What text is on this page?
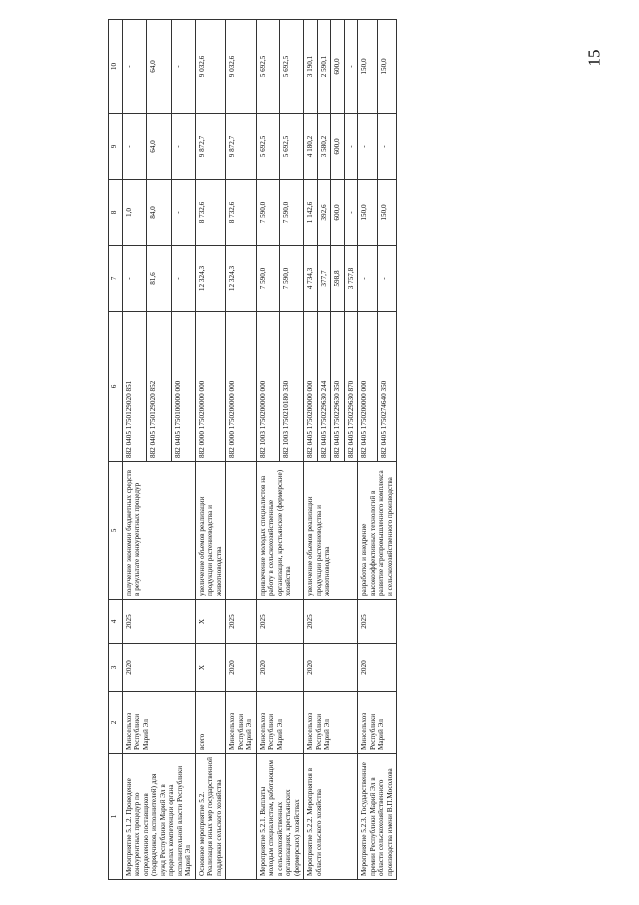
15
1	2	3	4	5	6	7	8	9	10
Мероприятие 5.1.2. Проведение конкурентных процедур по определению поставщиков (подрядчиков, исполнителей) для нужд Республики Марий Эл в пределах компетенции органа исполнительной власти Республики Марий Эл	Минсельхоз Республики Марий Эл	2020	2025	получение экономии бюджетных средств в результате конкурентных процедур	882 0405 1750129020 851	-	1,0	-	-
					882 0405 1750129020 852	81,6	84,0	64,0	64,0
					882 0405 1750100000 000	-	-	-	-
Основное мероприятие 5.2. Реализация иных мер государственной поддержки сельского хозяйства	всего	X	X	увеличение объемов реализации продукции растениеводства и животноводства	882 0000 1750200000 000	12 324,3	8 732,6	9 872,7	9 032,6
	Минсельхоз Республики Марий Эл	2020	2025		882 0000 1750200000 000	12 324,3	8 732,6	9 872,7	9 032,6
Мероприятие 5.2.1. Выплаты молодым специалистам, работающим в сельскохозяйственных организациях, крестьянских (фермерских) хозяйствах	Минсельхоз Республики Марий Эл	2020	2025	привлечение молодых специалистов на работу в сельскохозяйственные организации, крестьянские (фермерские) хозяйства	882 1003 1750200000 000	7 590,0	7 590,0	5 692,5	5 692,5
					882 1003 1750210180 330	7 590,0	7 590,0	5 692,5	5 692,5
Мероприятие 5.2.2. Мероприятия в области сельского хозяйства	Минсельхоз Республики Марий Эл	2020	2025	увеличение объемов реализации продукции растениеводства и животноводства	882 0405 1750200000 000	4 734,3	1 142,6	4 180,2	3 190,1
					882 0405 1750229630 244	377,7	392,6	3 580,2	2 590,1
					882 0405 1750229630 350	598,8	600,0	600,0	600,0
					882 0405 1750229630 870	3 757,8	-	-	-
Мероприятие 5.2.3. Государственные премии Республики Марий Эл в области сельскохозяйственного производства имени В.П.Мосолова	Минсельхоз Республики Марий Эл	2020	2025	разработка и внедрение высокоэффективных технологий в развитие агропромышленного комплекса и сельскохозяйственного производства	882 0405 1750200000 000	-	150,0	-	150,0
					882 0405 1750274640 350	-	150,0	-	150,0
